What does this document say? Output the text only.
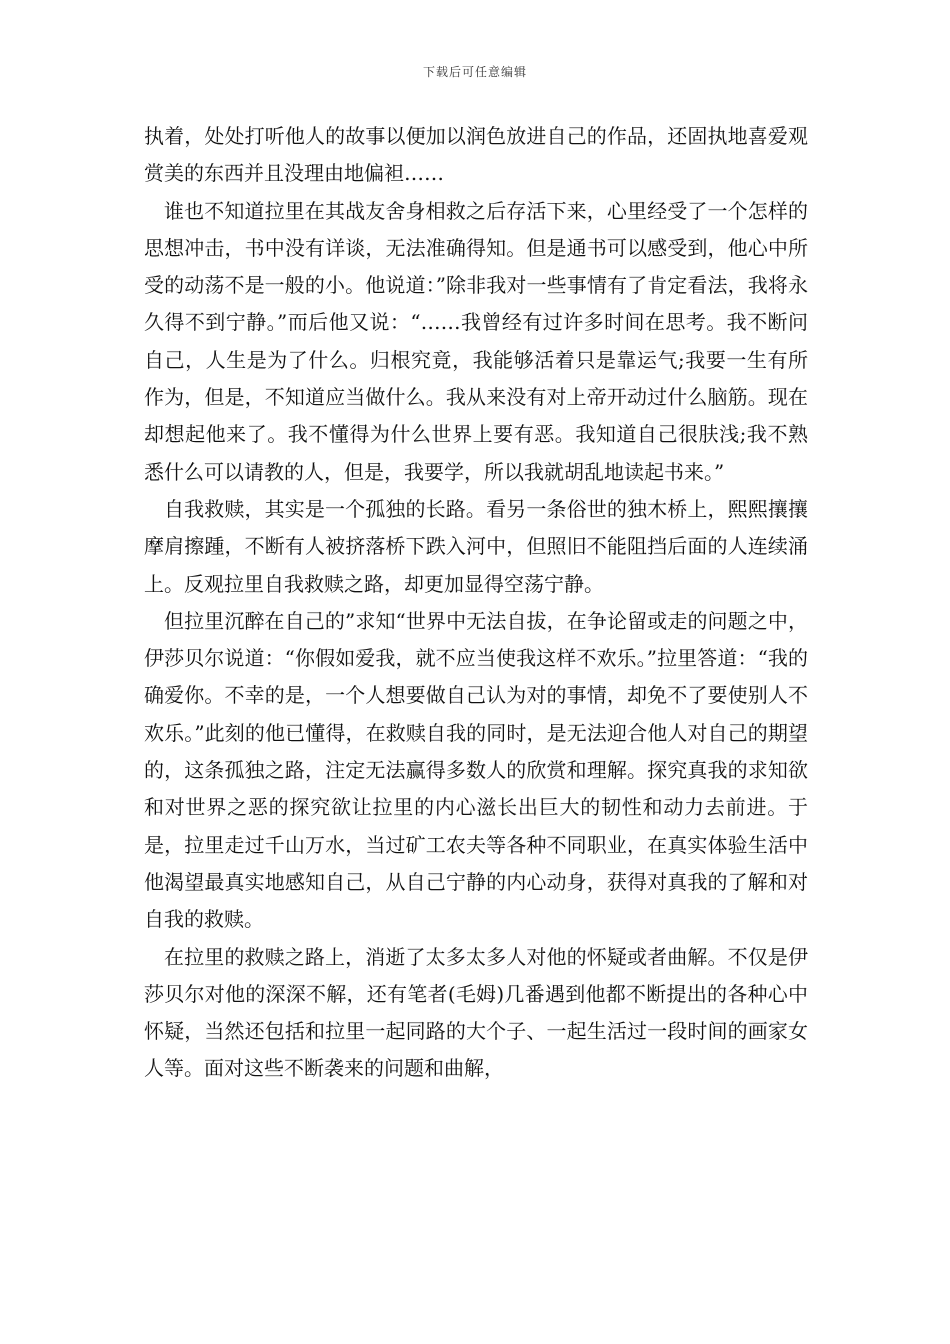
下载后可任意编辑

执着，处处打听他人的故事以便加以润色放进自己的作品，还固执地喜爱观赏美的东西并且没理由地偏袒……

谁也不知道拉里在其战友舍身相救之后存活下来，心里经受了一个怎样的思想冲击，书中没有详谈，无法准确得知。但是通书可以感受到，他心中所受的动荡不是一般的小。他说道：”除非我对一些事情有了肯定看法，我将永久得不到宁静。”而后他又说：“……我曾经有过许多时间在思考。我不断问自己，人生是为了什么。归根究竟，我能够活着只是靠运气;我要一生有所作为，但是，不知道应当做什么。我从来没有对上帝开动过什么脑筋。现在却想起他来了。我不懂得为什么世界上要有恶。我知道自己很肤浅;我不熟悉什么可以请教的人，但是，我要学，所以我就胡乱地读起书来。”

自我救赎，其实是一个孤独的长路。看另一条俗世的独木桥上，熙熙攘攘摩肩擦踵，不断有人被挤落桥下跌入河中，但照旧不能阻挡后面的人连续涌上。反观拉里自我救赎之路，却更加显得空荡宁静。

但拉里沉醉在自己的”求知“世界中无法自拔，在争论留或走的问题之中，伊莎贝尔说道：“你假如爱我，就不应当使我这样不欢乐。”拉里答道：“我的确爱你。不幸的是，一个人想要做自己认为对的事情，却免不了要使别人不欢乐。”此刻的他已懂得，在救赎自我的同时，是无法迎合他人对自己的期望的，这条孤独之路，注定无法赢得多数人的欣赏和理解。探究真我的求知欲和对世界之恶的探究欲让拉里的内心滋长出巨大的韧性和动力去前进。于是，拉里走过千山万水，当过矿工农夫等各种不同职业，在真实体验生活中他渴望最真实地感知自己，从自己宁静的内心动身，获得对真我的了解和对自我的救赎。

在拉里的救赎之路上，消逝了太多太多人对他的怀疑或者曲解。不仅是伊莎贝尔对他的深深不解，还有笔者(毛姆)几番遇到他都不断提出的各种心中怀疑，当然还包括和拉里一起同路的大个子、一起生活过一段时间的画家女人等。面对这些不断袭来的问题和曲解，
